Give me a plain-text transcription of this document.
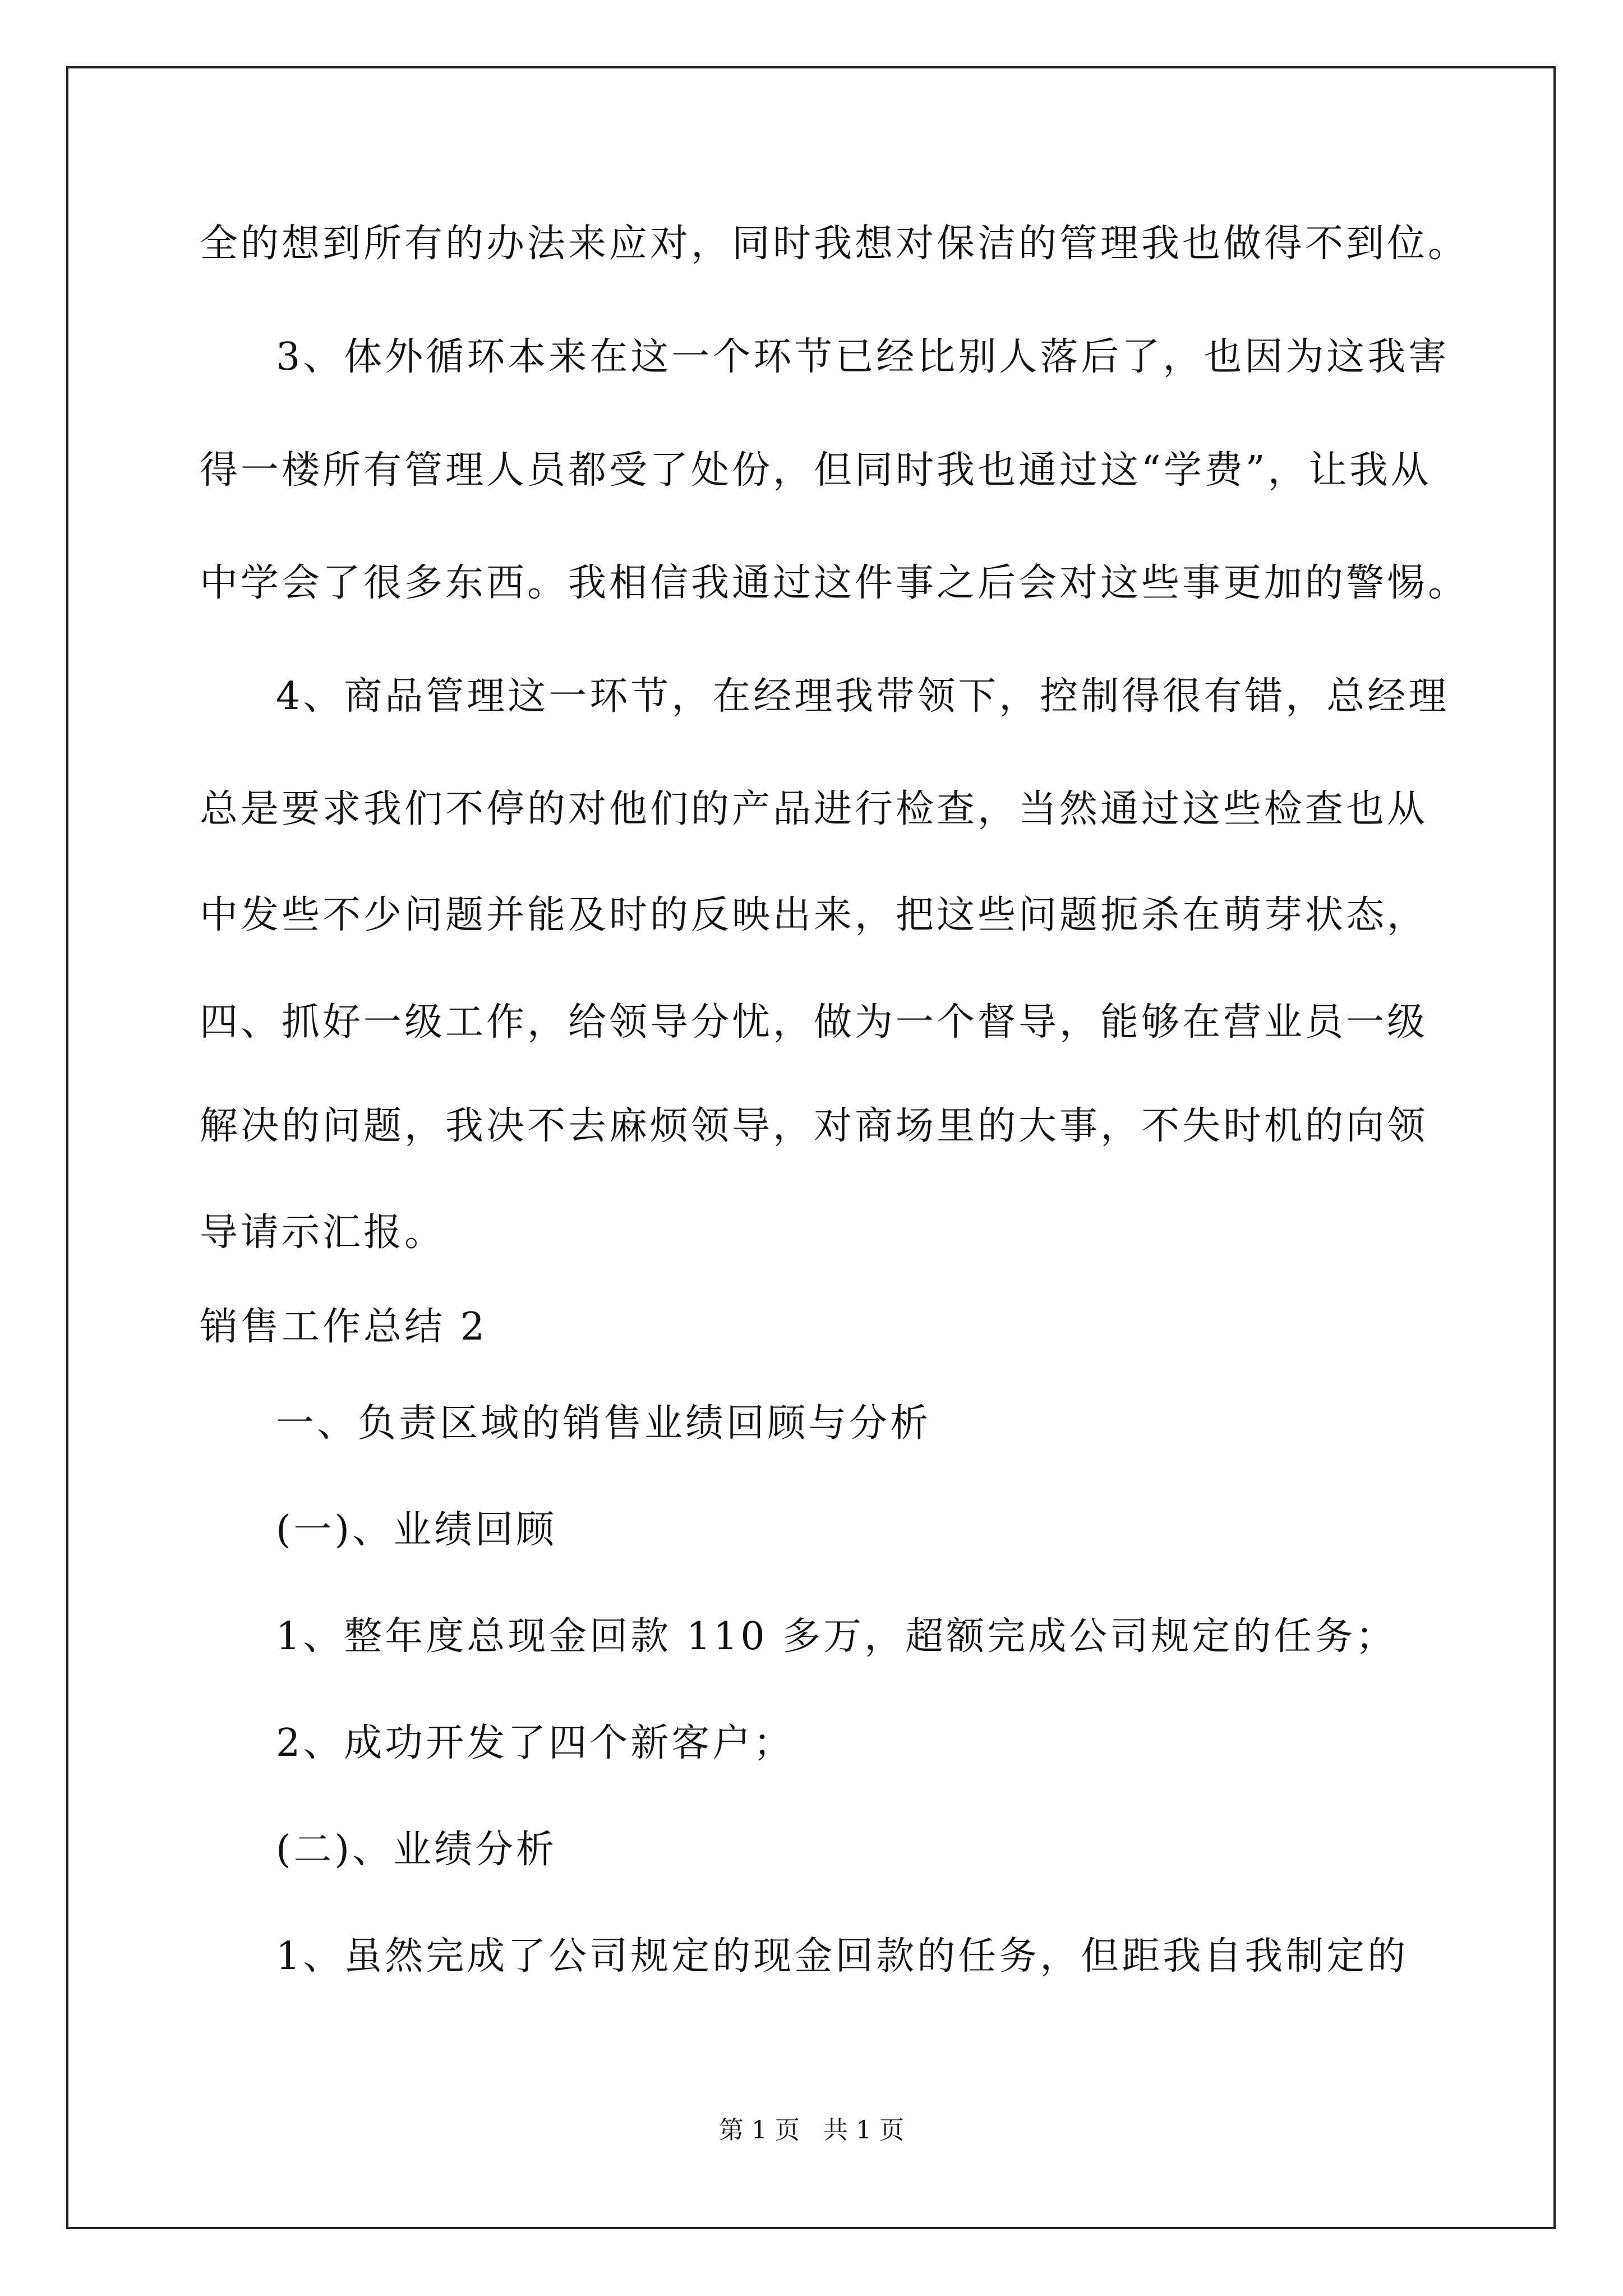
全的想到所有的办法来应对，同时我想对保洁的管理我也做得不到位。
3、体外循环本来在这一个环节已经比别人落后了，也因为这我害
得一楼所有管理人员都受了处份，但同时我也通过这“学费”，让我从
中学会了很多东西。我相信我通过这件事之后会对这些事更加的警惕。
4、商品管理这一环节，在经理我带领下，控制得很有错，总经理
总是要求我们不停的对他们的产品进行检查，当然通过这些检查也从
中发些不少问题并能及时的反映出来，把这些问题扼杀在萌芽状态，
四、抓好一级工作，给领导分忧，做为一个督导，能够在营业员一级
解决的问题，我决不去麻烦领导，对商场里的大事，不失时机的向领
导请示汇报。
销售工作总结 2
一、负责区域的销售业绩回顾与分析
(一)、业绩回顾
1、整年度总现金回款 110 多万，超额完成公司规定的任务；
2、成功开发了四个新客户；
(二)、业绩分析
1、虽然完成了公司规定的现金回款的任务，但距我自我制定的
第 1 页   共 1 页
